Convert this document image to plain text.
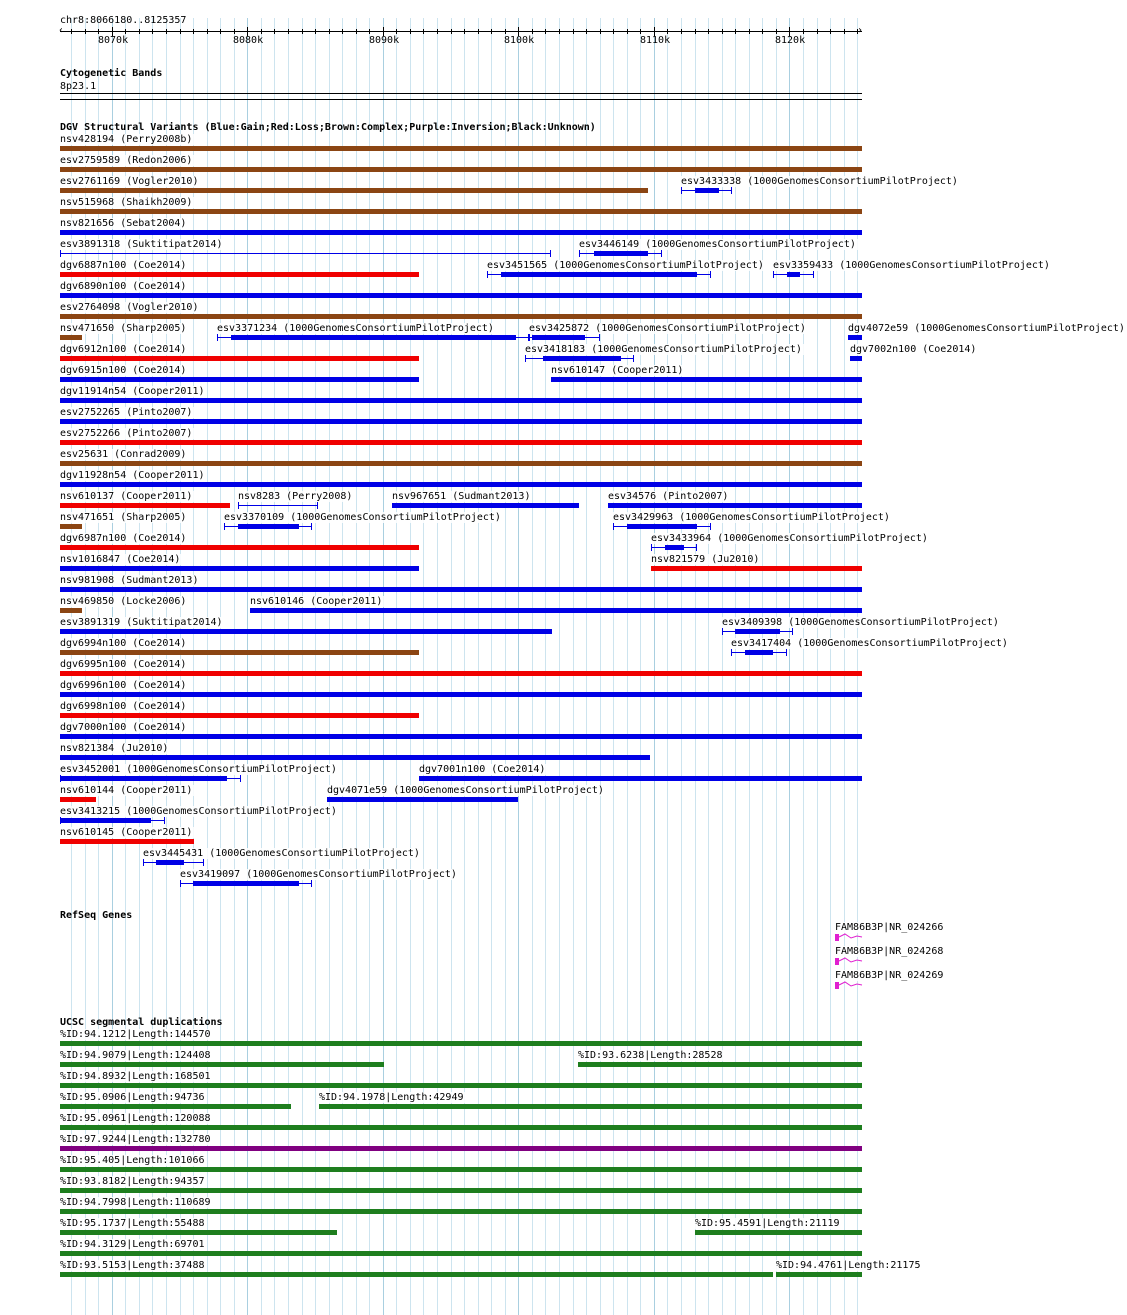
chr8:8066180..8125357
8070k	8080k	8090k	8100k	8110k	8120k
‹	›
Cytogenetic Bands
8p23.1
DGV Structural Variants (Blue:Gain;Red:Loss;Brown:Complex;Purple:Inversion;Black:Unknown)
nsv428194 (Perry2008b)
esv2759589 (Redon2006)
esv2761169 (Vogler2010)	esv3433338 (1000GenomesConsortiumPilotProject)
nsv515968 (Shaikh2009)
nsv821656 (Sebat2004)
esv3891318 (Suktitipat2014)	esv3446149 (1000GenomesConsortiumPilotProject)
dgv6887n100 (Coe2014)	esv3451565 (1000GenomesConsortiumPilotProject) esv3359433 (1000GenomesConsortiumPilotProject)
dgv6890n100 (Coe2014)
esv2764098 (Vogler2010)
nsv471650 (Sharp2005)	esv3371234 (1000GenomesConsortiumPilotProject)	esv3425872 (1000GenomesConsortiumPilotProject)	dgv4072e59 (1000GenomesConsortiumPilotProject)
dgv6912n100 (Coe2014)	esv3418183 (1000GenomesConsortiumPilotProject)	dgv7002n100 (Coe2014)
dgv6915n100 (Coe2014)	nsv610147 (Cooper2011)
dgv11914n54 (Cooper2011)
esv2752265 (Pinto2007)
esv2752266 (Pinto2007)
esv25631 (Conrad2009)
dgv11928n54 (Cooper2011)
nsv610137 (Cooper2011)	nsv8283 (Perry2008)	nsv967651 (Sudmant2013)	esv34576 (Pinto2007)
nsv471651 (Sharp2005)	esv3370109 (1000GenomesConsortiumPilotProject)	esv3429963 (1000GenomesConsortiumPilotProject)
dgv6987n100 (Coe2014)	esv3433964 (1000GenomesConsortiumPilotProject)
nsv1016847 (Coe2014)	nsv821579 (Ju2010)
nsv981908 (Sudmant2013)
nsv469850 (Locke2006)	nsv610146 (Cooper2011)
esv3891319 (Suktitipat2014)	esv3409398 (1000GenomesConsortiumPilotProject)
dgv6994n100 (Coe2014)	esv3417404 (1000GenomesConsortiumPilotProject)
dgv6995n100 (Coe2014)
dgv6996n100 (Coe2014)
dgv6998n100 (Coe2014)
dgv7000n100 (Coe2014)
nsv821384 (Ju2010)
esv3452001 (1000GenomesConsortiumPilotProject)	dgv7001n100 (Coe2014)
nsv610144 (Cooper2011)	dgv4071e59 (1000GenomesConsortiumPilotProject)
esv3413215 (1000GenomesConsortiumPilotProject)
nsv610145 (Cooper2011)
esv3445431 (1000GenomesConsortiumPilotProject)
esv3419097 (1000GenomesConsortiumPilotProject)
RefSeq Genes
FAM86B3P|NR_024266
FAM86B3P|NR_024268
FAM86B3P|NR_024269
UCSC segmental duplications
%ID:94.1212|Length:144570
%ID:94.9079|Length:124408	%ID:93.6238|Length:28528
%ID:94.8932|Length:168501
%ID:95.0906|Length:94736	%ID:94.1978|Length:42949
%ID:95.0961|Length:120088
%ID:97.9244|Length:132780
%ID:95.405|Length:101066
%ID:93.8182|Length:94357
%ID:94.7998|Length:110689
%ID:95.1737|Length:55488	%ID:95.4591|Length:21119
%ID:94.3129|Length:69701
%ID:93.5153|Length:37488	%ID:94.4761|Length:21175
